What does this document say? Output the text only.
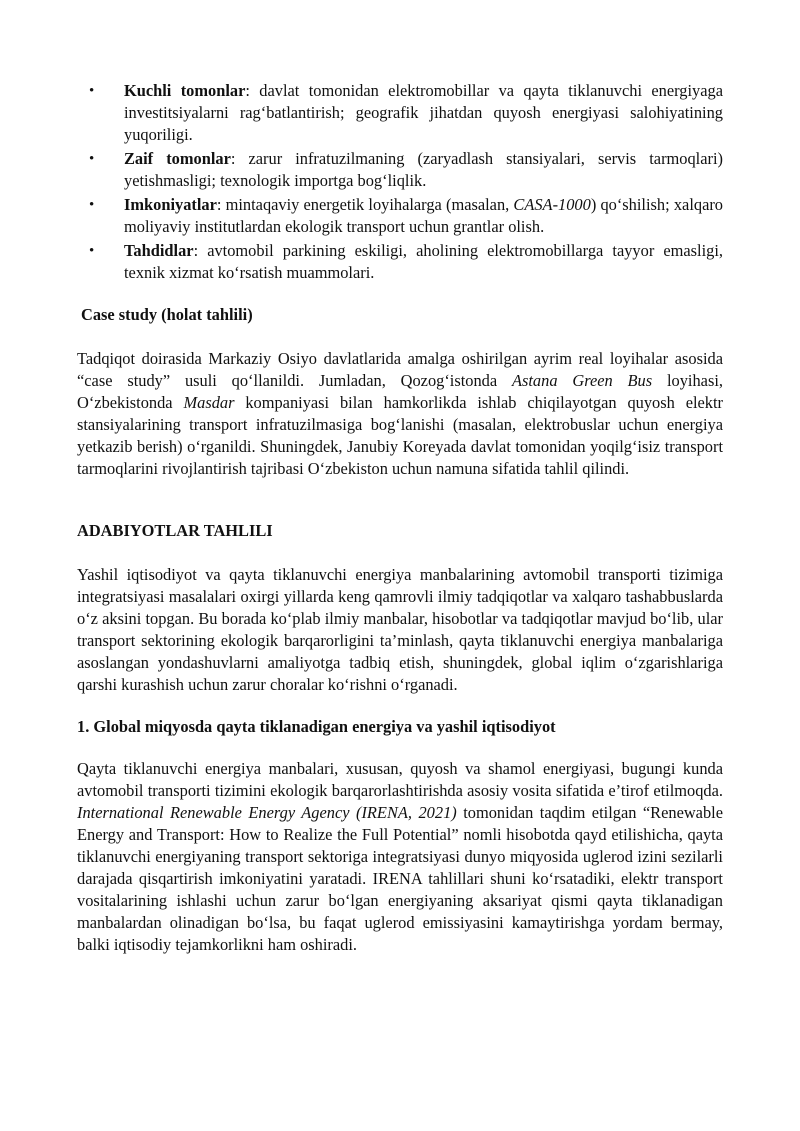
• Kuchli tomonlar: davlat tomonidan elektromobillar va qayta tiklanuvchi energiyaga investitsiyalarni rag‘batlantirish; geografik jihatdan quyosh energiyasi salohiyatining yuqoriligi.
• Zaif tomonlar: zarur infratuzilmaning (zaryadlash stansiyalari, servis tarmoqlari) yetishmasligi; texnologik importga bog‘liqlik.
• Imkoniyatlar: mintaqaviy energetik loyihalarga (masalan, CASA-1000) qo‘shilish; xalqaro moliyaviy institutlardan ekologik transport uchun grantlar olish.
• Tahdidlar: avtomobil parkining eskiligi, aholining elektromobillarga tayyor emasligi, texnik xizmat ko‘rsatish muammolari.

Case study (holat tahlili)

Tadqiqot doirasida Markaziy Osiyo davlatlarida amalga oshirilgan ayrim real loyihalar asosida “case study” usuli qo‘llanildi. Jumladan, Qozog‘istonda Astana Green Bus loyihasi, O‘zbekistonda Masdar kompaniyasi bilan hamkorlikda ishlab chiqilayotgan quyosh elektr stansiyalarining transport infratuzilmasiga bog‘lanishi (masalan, elektrobuslar uchun energiya yetkazib berish) o‘rganildi. Shuningdek, Janubiy Koreyada davlat tomonidan yoqilg‘isiz transport tarmoqlarini rivojlantirish tajribasi O‘zbekiston uchun namuna sifatida tahlil qilindi.

ADABIYOTLAR TAHLILI

Yashil iqtisodiyot va qayta tiklanuvchi energiya manbalarining avtomobil transporti tizimiga integratsiyasi masalalari oxirgi yillarda keng qamrovli ilmiy tadqiqotlar va xalqaro tashabbuslarda o‘z aksini topgan. Bu borada ko‘plab ilmiy manbalar, hisobotlar va tadqiqotlar mavjud bo‘lib, ular transport sektorining ekologik barqarorligini ta’minlash, qayta tiklanuvchi energiya manbalariga asoslangan yondashuvlarni amaliyotga tadbiq etish, shuningdek, global iqlim o‘zgarishlariga qarshi kurashish uchun zarur choralar ko‘rishni o‘rganadi.

1. Global miqyosda qayta tiklanadigan energiya va yashil iqtisodiyot

Qayta tiklanuvchi energiya manbalari, xususan, quyosh va shamol energiyasi, bugungi kunda avtomobil transporti tizimini ekologik barqarorlashtirishda asosiy vosita sifatida e’tirof etilmoqda. International Renewable Energy Agency (IRENA, 2021) tomonidan taqdim etilgan “Renewable Energy and Transport: How to Realize the Full Potential” nomli hisobotda qayd etilishicha, qayta tiklanuvchi energiyaning transport sektoriga integratsiyasi dunyo miqyosida uglerod izini sezilarli darajada qisqartirish imkoniyatini yaratadi. IRENA tahlillari shuni ko‘rsatadiki, elektr transport vositalarining ishlashi uchun zarur bo‘lgan energiyaning aksariyat qismi qayta tiklanadigan manbalardan olinadigan bo‘lsa, bu faqat uglerod emissiyasini kamaytirishga yordam bermay, balki iqtisodiy tejamkorlikni ham oshiradi.
